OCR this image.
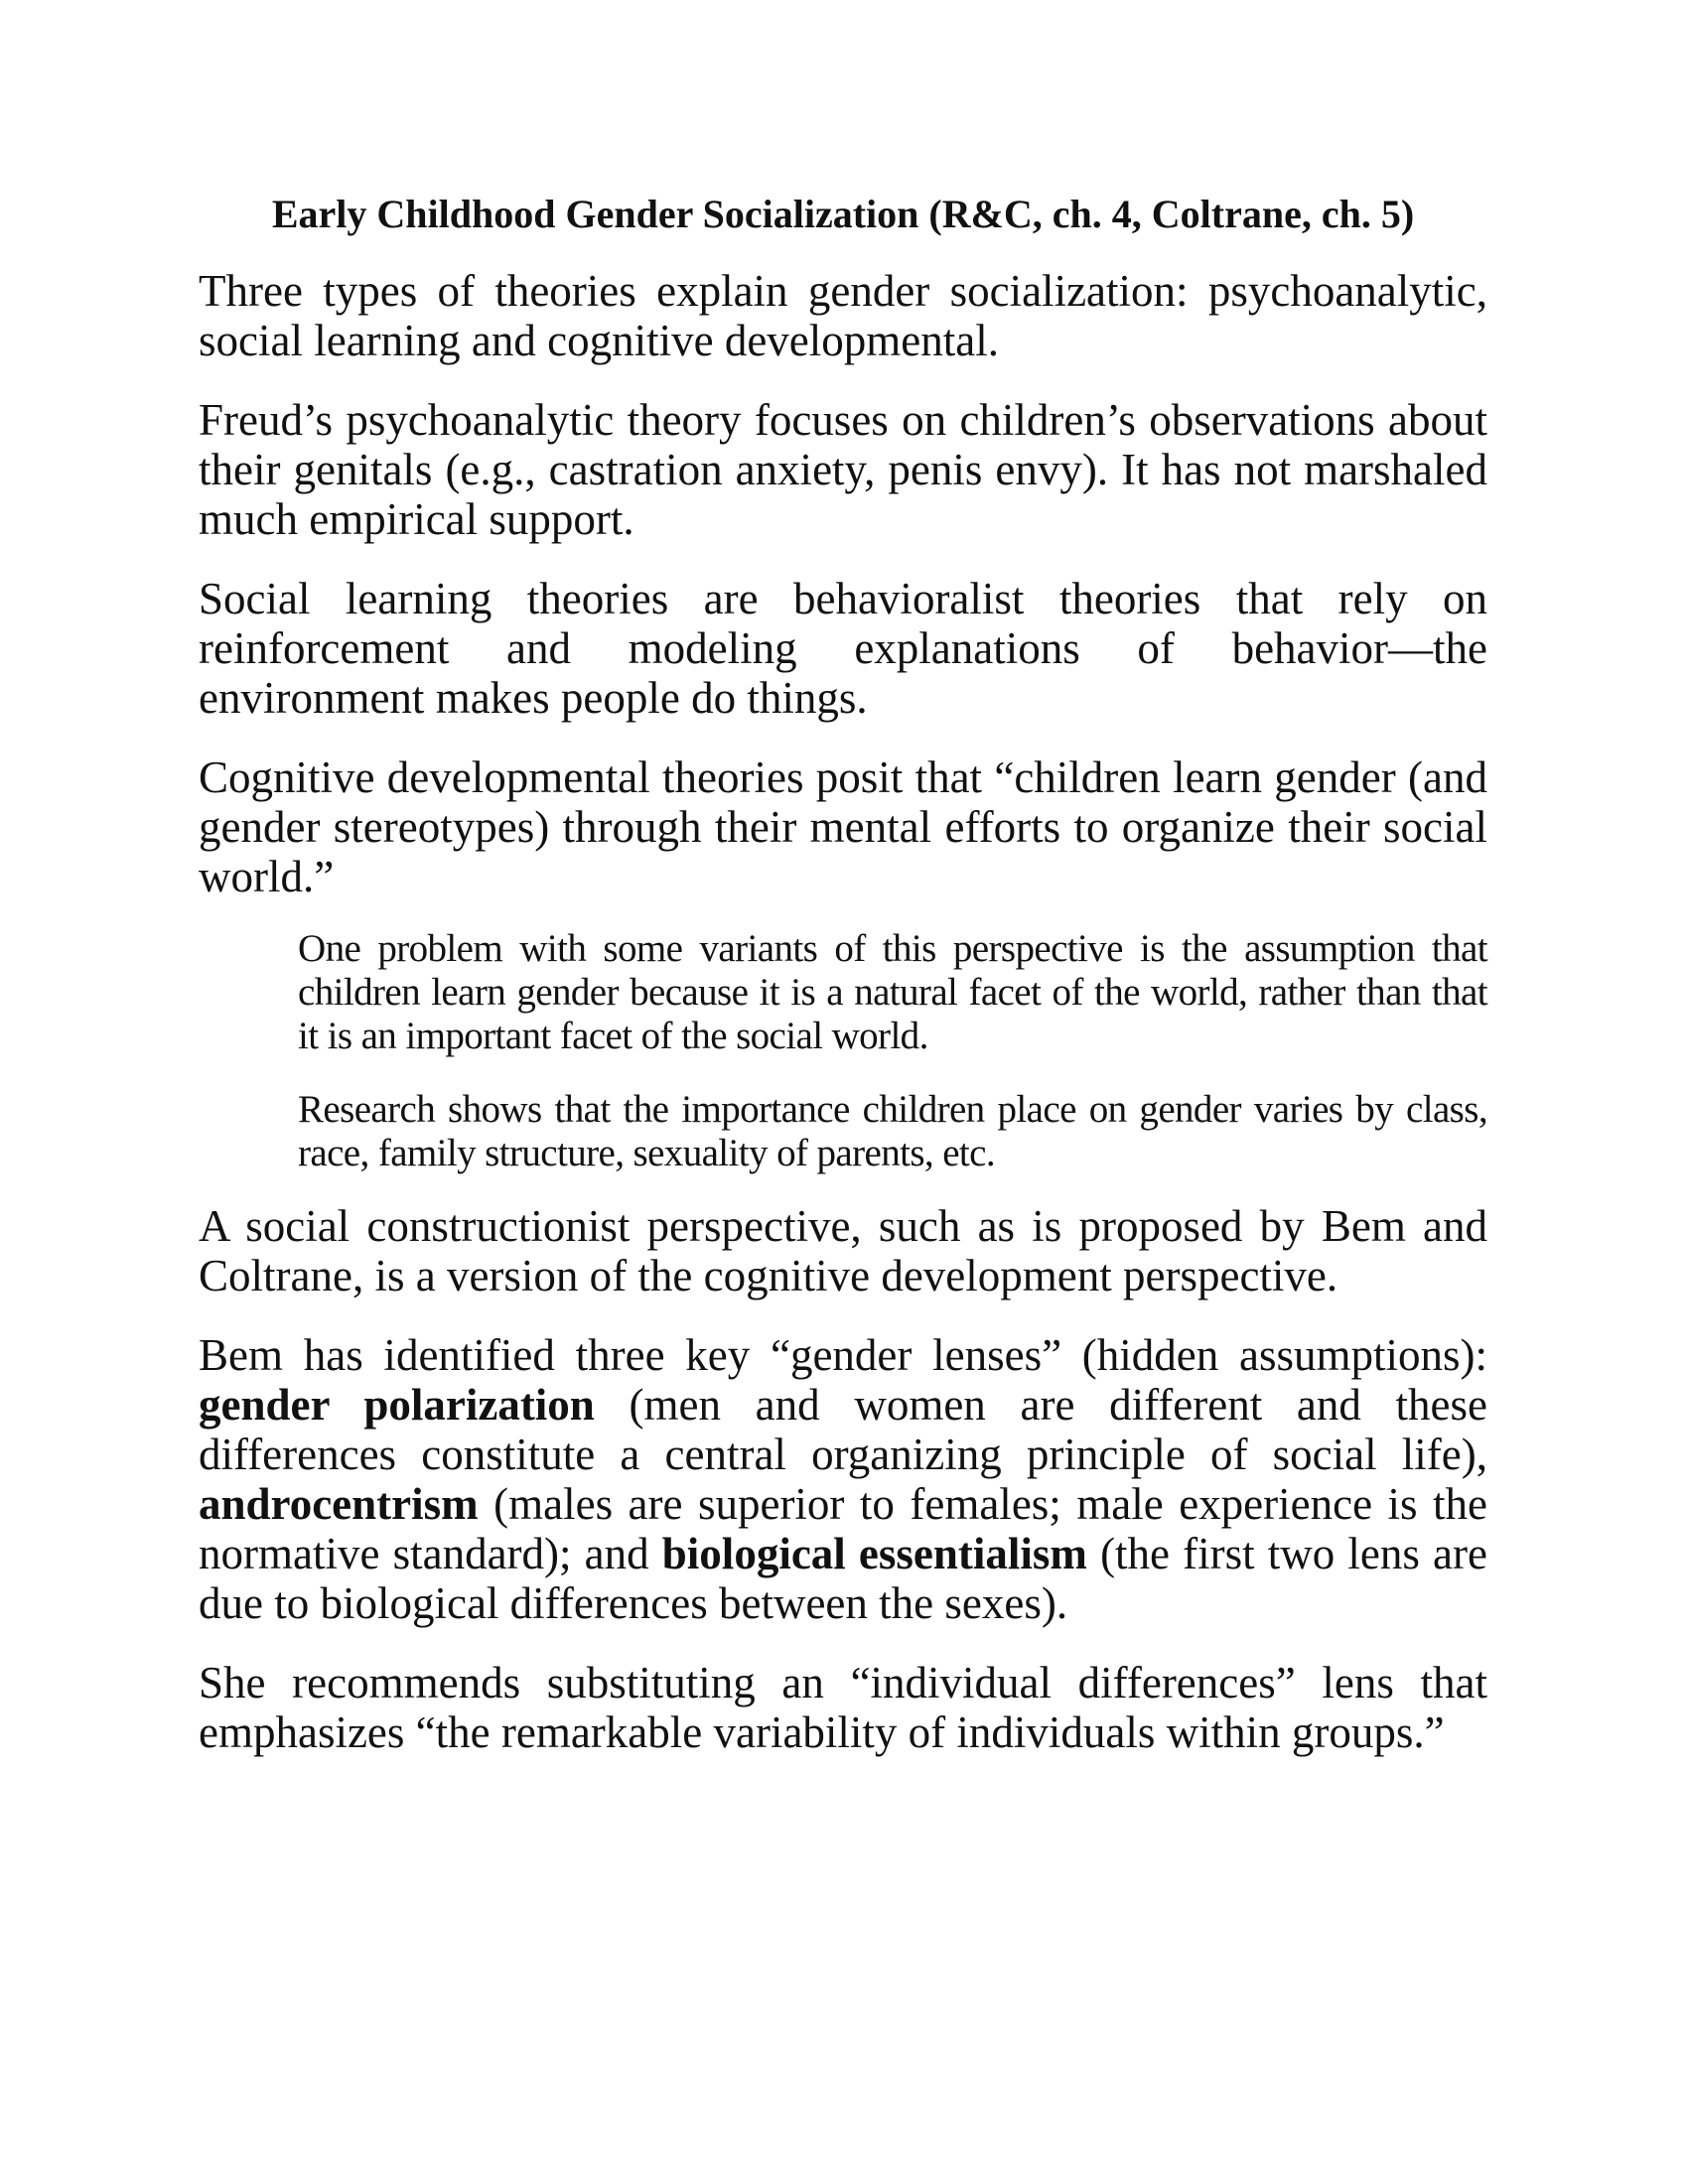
Early Childhood Gender Socialization (R&C, ch. 4, Coltrane, ch. 5)

Three types of theories explain gender socialization: psychoanalytic, social learning and cognitive developmental.

Freud’s psychoanalytic theory focuses on children’s observations about their genitals (e.g., castration anxiety, penis envy). It has not marshaled much empirical support.

Social learning theories are behavioralist theories that rely on reinforcement and modeling explanations of behavior—the environment makes people do things.

Cognitive developmental theories posit that “children learn gender (and gender stereotypes) through their mental efforts to organize their social world.”

One problem with some variants of this perspective is the assumption that children learn gender because it is a natural facet of the world, rather than that it is an important facet of the social world.

Research shows that the importance children place on gender varies by class, race, family structure, sexuality of parents, etc.

A social constructionist perspective, such as is proposed by Bem and Coltrane, is a version of the cognitive development perspective.

Bem has identified three key “gender lenses” (hidden assumptions): gender polarization (men and women are different and these differences constitute a central organizing principle of social life), androcentrism (males are superior to females; male experience is the normative standard); and biological essentialism (the first two lens are due to biological differences between the sexes).

She recommends substituting an “individual differences” lens that emphasizes “the remarkable variability of individuals within groups.”
